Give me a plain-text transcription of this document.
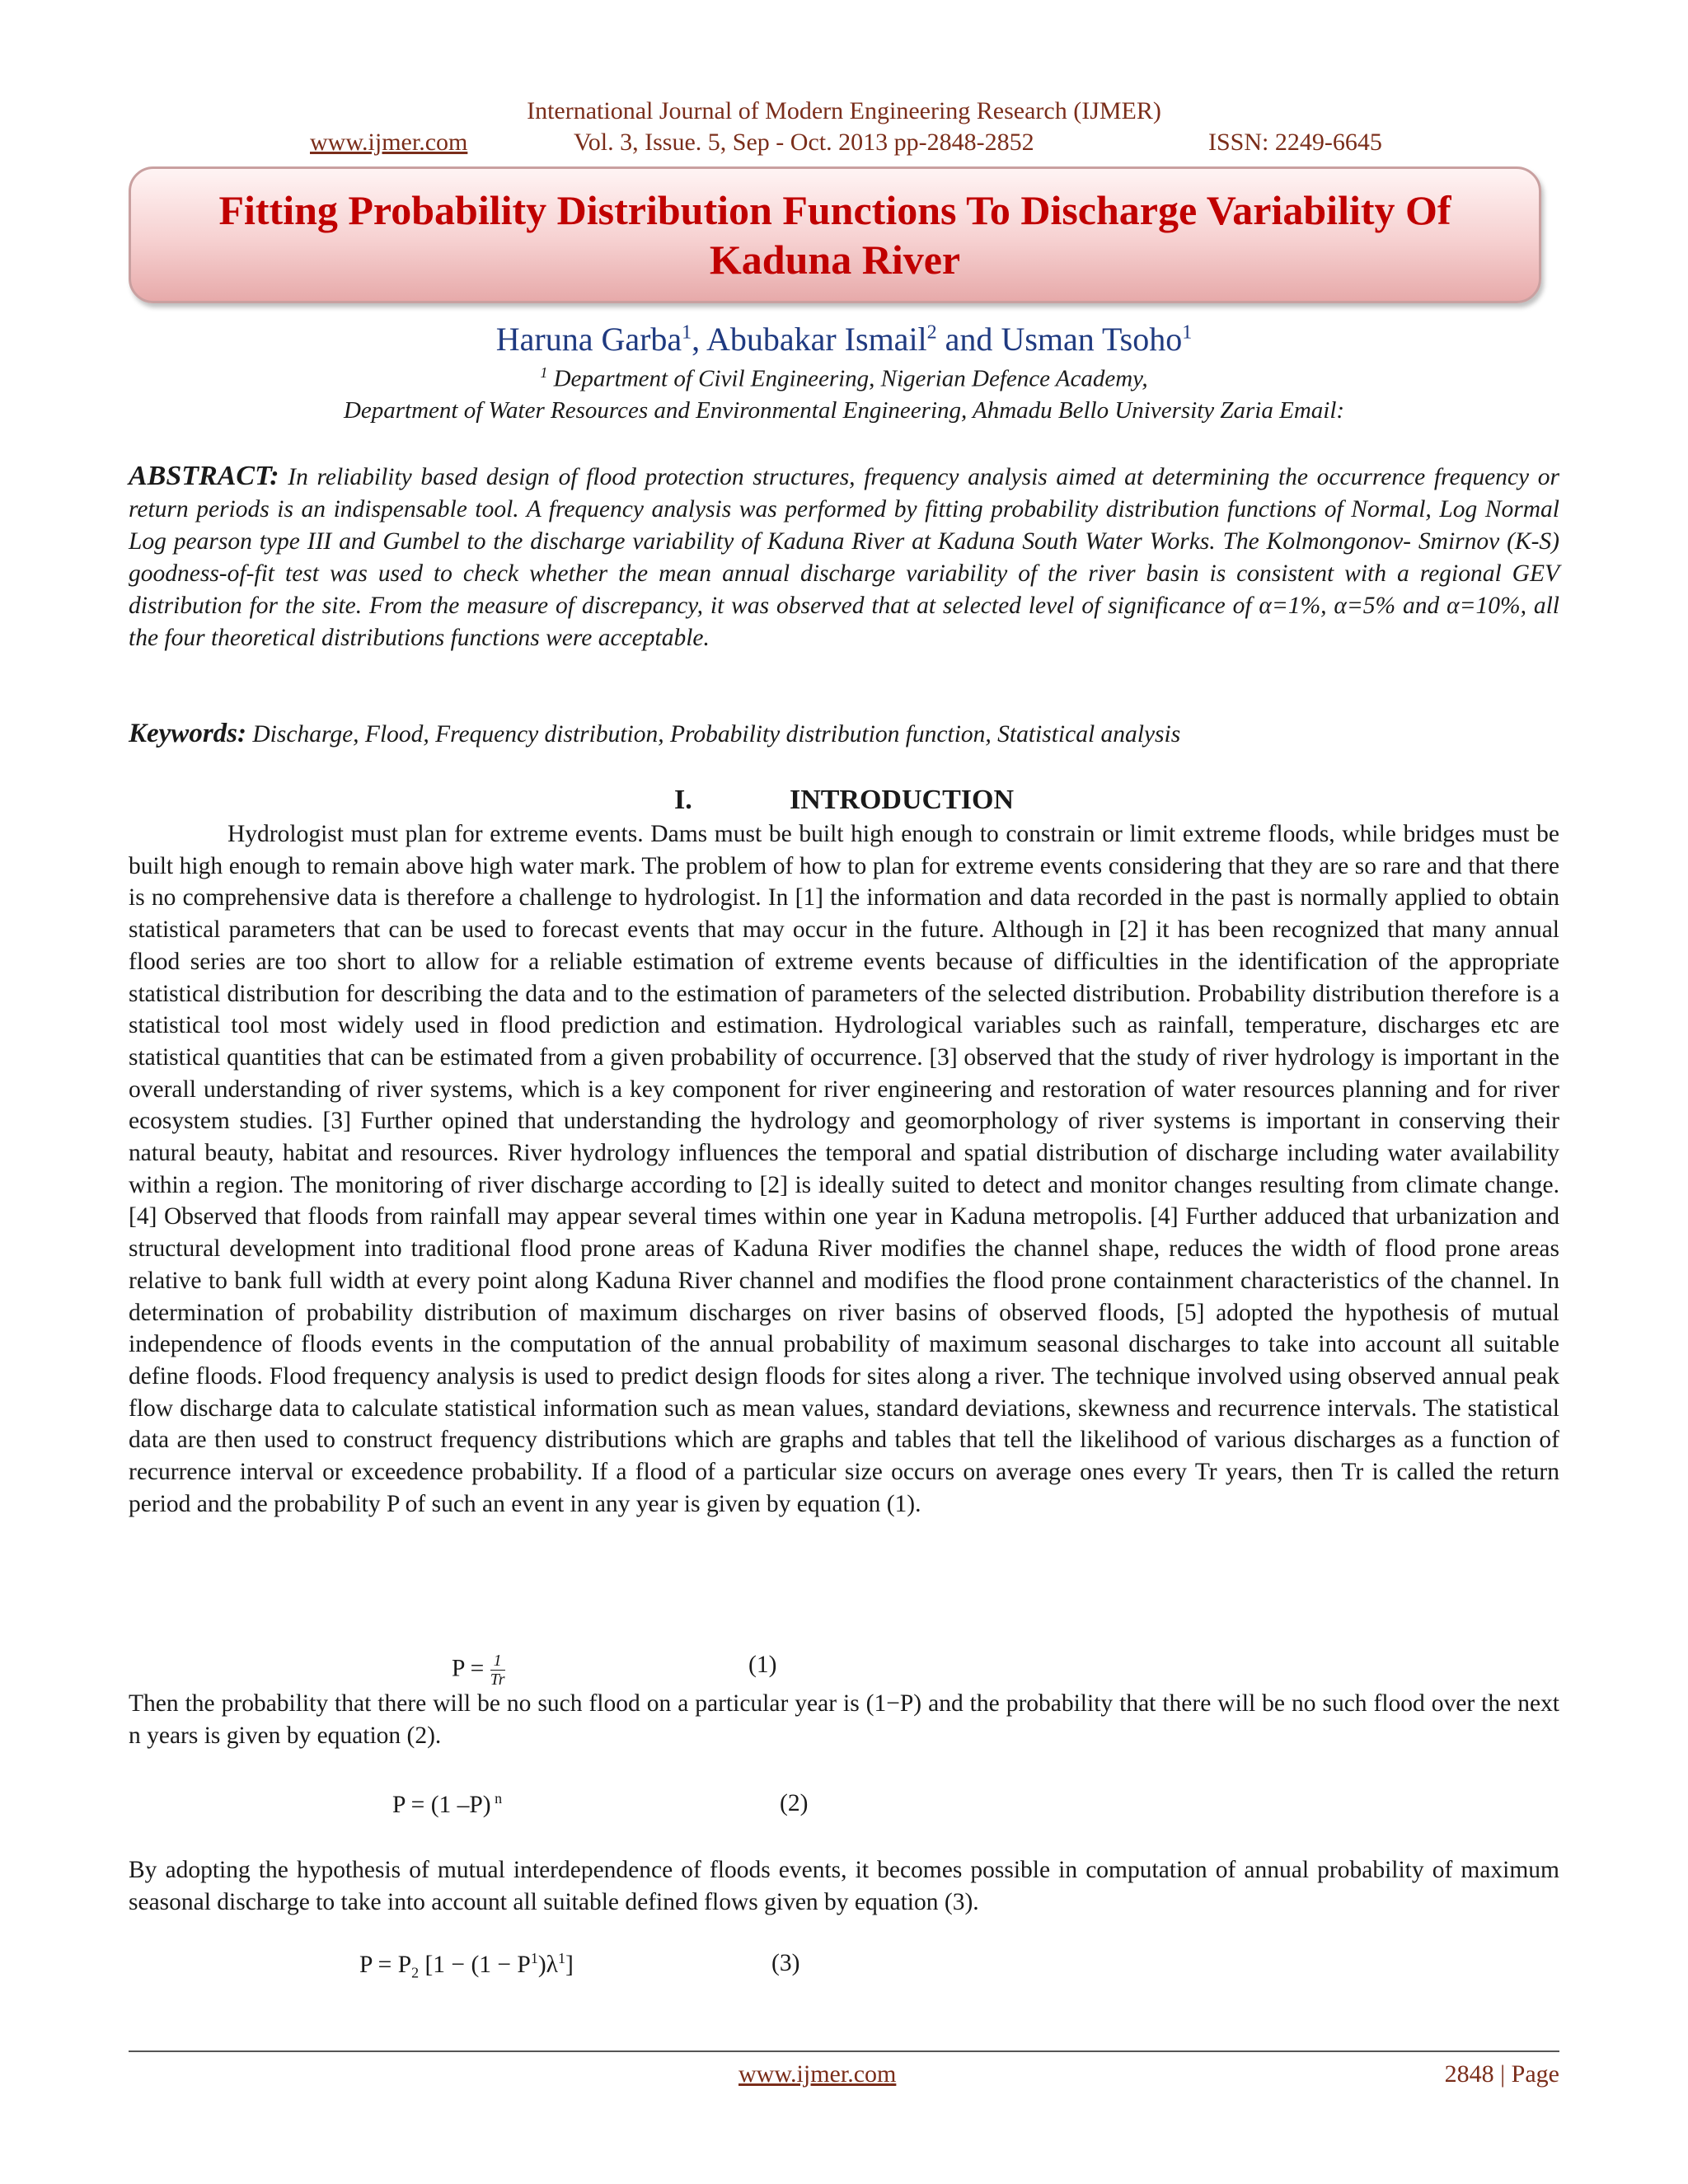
International Journal of Modern Engineering Research (IJMER)
www.ijmer.com	Vol. 3, Issue. 5, Sep - Oct. 2013 pp-2848-2852	ISSN: 2249-6645
Fitting Probability Distribution Functions To Discharge Variability Of Kaduna River
Haruna Garba$^1$, Abubakar Ismail$^2$ and Usman Tsoho$^1$
$^1$ Department of Civil Engineering, Nigerian Defence Academy,
Department of Water Resources and Environmental Engineering, Ahmadu Bello University Zaria Email:
ABSTRACT: In reliability based design of flood protection structures, frequency analysis aimed at determining the occurrence frequency or return periods is an indispensable tool. A frequency analysis was performed by fitting probability distribution functions of Normal, Log Normal Log pearson type III and Gumbel to the discharge variability of Kaduna River at Kaduna South Water Works. The Kolmongonov- Smirnov (K-S) goodness-of-fit test was used to check whether the mean annual discharge variability of the river basin is consistent with a regional GEV distribution for the site. From the measure of discrepancy, it was observed that at selected level of significance of α=1%, α=5% and α=10%, all the four theoretical distributions functions were acceptable.
Keywords: Discharge, Flood, Frequency distribution, Probability distribution function, Statistical analysis
I.	INTRODUCTION
Hydrologist must plan for extreme events. Dams must be built high enough to constrain or limit extreme floods, while bridges must be built high enough to remain above high water mark. The problem of how to plan for extreme events considering that they are so rare and that there is no comprehensive data is therefore a challenge to hydrologist. In [1] the information and data recorded in the past is normally applied to obtain statistical parameters that can be used to forecast events that may occur in the future. Although in [2] it has been recognized that many annual flood series are too short to allow for a reliable estimation of extreme events because of difficulties in the identification of the appropriate statistical distribution for describing the data and to the estimation of parameters of the selected distribution. Probability distribution therefore is a statistical tool most widely used in flood prediction and estimation. Hydrological variables such as rainfall, temperature, discharges etc are statistical quantities that can be estimated from a given probability of occurrence. [3] observed that the study of river hydrology is important in the overall understanding of river systems, which is a key component for river engineering and restoration of water resources planning and for river ecosystem studies. [3] Further opined that understanding the hydrology and geomorphology of river systems is important in conserving their natural beauty, habitat and resources. River hydrology influences the temporal and spatial distribution of discharge including water availability within a region. The monitoring of river discharge according to [2] is ideally suited to detect and monitor changes resulting from climate change. [4] Observed that floods from rainfall may appear several times within one year in Kaduna metropolis. [4] Further adduced that urbanization and structural development into traditional flood prone areas of Kaduna River modifies the channel shape, reduces the width of flood prone areas relative to bank full width at every point along Kaduna River channel and modifies the flood prone containment characteristics of the channel. In determination of probability distribution of maximum discharges on river basins of observed floods, [5] adopted the hypothesis of mutual independence of floods events in the computation of the annual probability of maximum seasonal discharges to take into account all suitable define floods. Flood frequency analysis is used to predict design floods for sites along a river. The technique involved using observed annual peak flow discharge data to calculate statistical information such as mean values, standard deviations, skewness and recurrence intervals. The statistical data are then used to construct frequency distributions which are graphs and tables that tell the likelihood of various discharges as a function of recurrence interval or exceedence probability. If a flood of a particular size occurs on average ones every Tr years, then Tr is called the return period and the probability P of such an event in any year is given by equation (1).
$P = \frac{1}{Tr}$	(1)
Then the probability that there will be no such flood on a particular year is (1−P) and the probability that there will be no such flood over the next n years is given by equation (2).
P = (1 –P) $^n$	(2)
By adopting the hypothesis of mutual interdependence of floods events, it becomes possible in computation of annual probability of maximum seasonal discharge to take into account all suitable defined flows given by equation (3).
$P = P_2$ $[1 - (1 - P^1)\lambda^1]$	(3)
www.ijmer.com	2848 | Page
